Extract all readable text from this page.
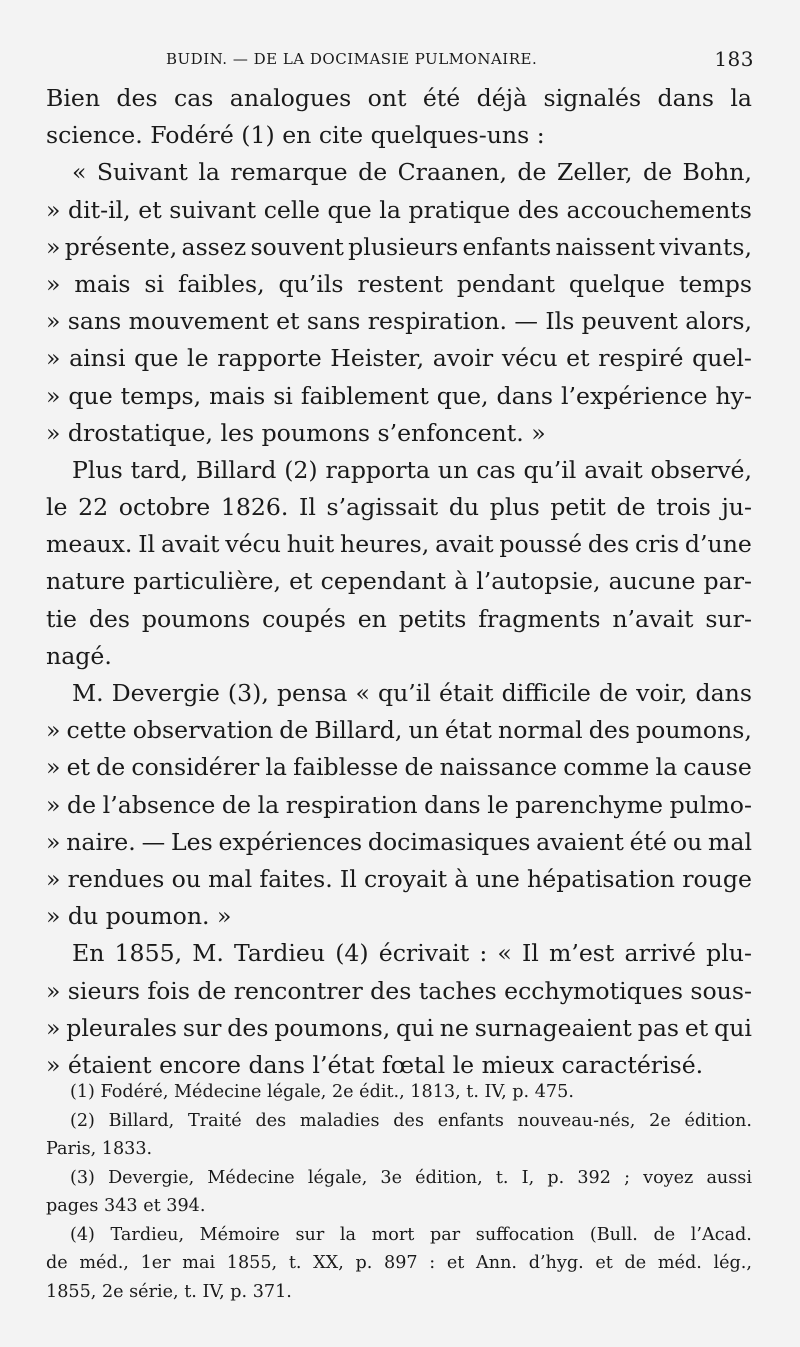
BUDIN. — DE LA DOCIMASIE PULMONAIRE.	183
Bien des cas analogues ont été déjà signalés dans la
science. Fodéré (1) en cite quelques-uns :
« Suivant la remarque de Craanen, de Zeller, de Bohn,
» dit-il, et suivant celle que la pratique des accouchements
» présente, assez souvent plusieurs enfants naissent vivants,
» mais si faibles, qu’ils restent pendant quelque temps
» sans mouvement et sans respiration. — Ils peuvent alors,
» ainsi que le rapporte Heister, avoir vécu et respiré quel-
» que temps, mais si faiblement que, dans l’expérience hy-
» drostatique, les poumons s’enfoncent. »
Plus tard, Billard (2) rapporta un cas qu’il avait observé,
le 22 octobre 1826. Il s’agissait du plus petit de trois ju-
meaux. Il avait vécu huit heures, avait poussé des cris d’une
nature particulière, et cependant à l’autopsie, aucune par-
tie des poumons coupés en petits fragments n’avait sur-
nagé.
M. Devergie (3), pensa « qu’il était difficile de voir, dans
» cette observation de Billard, un état normal des poumons,
» et de considérer la faiblesse de naissance comme la cause
» de l’absence de la respiration dans le parenchyme pulmo-
» naire. — Les expériences docimasiques avaient été ou mal
» rendues ou mal faites. Il croyait à une hépatisation rouge
» du poumon. »
En 1855, M. Tardieu (4) écrivait : « Il m’est arrivé plu-
» sieurs fois de rencontrer des taches ecchymotiques sous-
» pleurales sur des poumons, qui ne surnageaient pas et qui
» étaient encore dans l’état fœtal le mieux caractérisé.
(1) Fodéré, Médecine légale, 2e édit., 1813, t. IV, p. 475.
(2) Billard, Traité des maladies des enfants nouveau-nés, 2e édition.
Paris, 1833.
(3) Devergie, Médecine légale, 3e édition, t. I, p. 392 ; voyez aussi
pages 343 et 394.
(4) Tardieu, Mémoire sur la mort par suffocation (Bull. de l’Acad.
de méd., 1er mai 1855, t. XX, p. 897 : et Ann. d’hyg. et de méd. lég.,
1855, 2e série, t. IV, p. 371.
